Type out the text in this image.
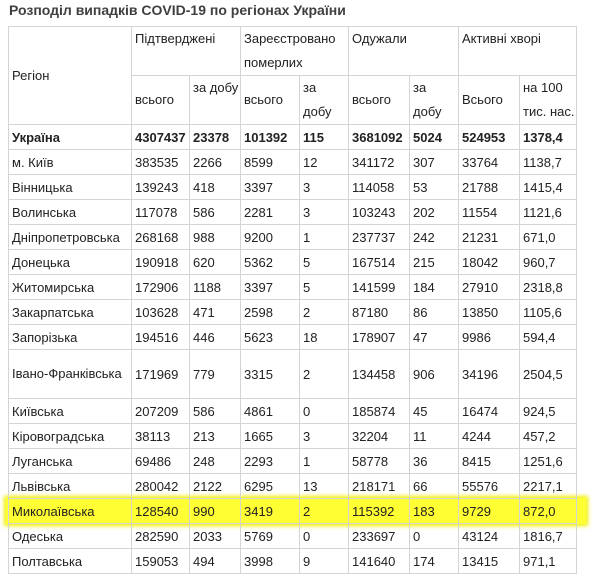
Розподіл випадків COVID-19 по регіонах України
Регіон	Підтверджені		Зареєстровано померлих		Одужали		Активні хворі	
	всього	за добу	всього	за добу	всього	за добу	Всього	на 100 тис. нас.
Україна	4307437	23378	101392	115	3681092	5024	524953	1378,4
м. Київ	383535	2266	8599	12	341172	307	33764	1138,7
Вінницька	139243	418	3397	3	114058	53	21788	1415,4
Волинська	117078	586	2281	3	103243	202	11554	1121,6
Дніпропетровська	268168	988	9200	1	237737	242	21231	671,0
Донецька	190918	620	5362	5	167514	215	18042	960,7
Житомирська	172906	1188	3397	5	141599	184	27910	2318,8
Закарпатська	103628	471	2598	2	87180	86	13850	1105,6
Запорізька	194516	446	5623	18	178907	47	9986	594,4
Івано-Франківська	171969	779	3315	2	134458	906	34196	2504,5
Київська	207209	586	4861	0	185874	45	16474	924,5
Кіровоградська	38113	213	1665	3	32204	11	4244	457,2
Луганська	69486	248	2293	1	58778	36	8415	1251,6
Львівська	280042	2122	6295	13	218171	66	55576	2217,1
Миколаївська	128540	990	3419	2	115392	183	9729	872,0
Одеська	282590	2033	5769	0	233697	0	43124	1816,7
Полтавська	159053	494	3998	9	141640	174	13415	971,1
